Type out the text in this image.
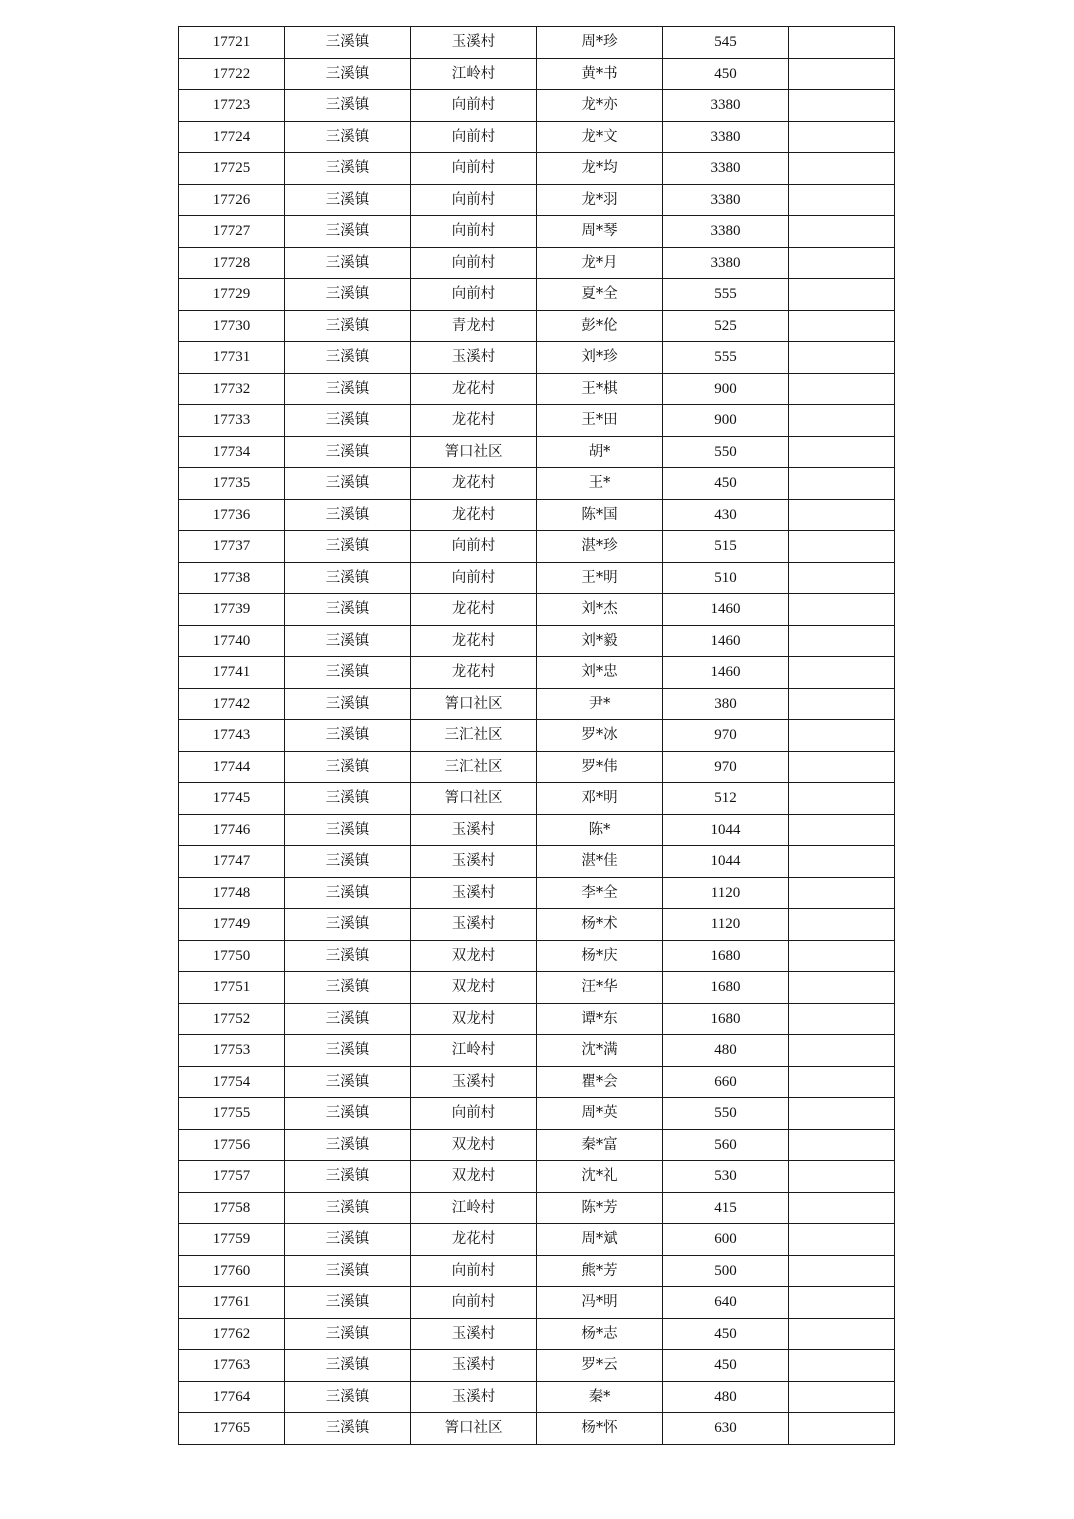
17721	三溪镇	玉溪村	周*珍	545	
17722	三溪镇	江岭村	黄*书	450	
17723	三溪镇	向前村	龙*亦	3380	
17724	三溪镇	向前村	龙*文	3380	
17725	三溪镇	向前村	龙*均	3380	
17726	三溪镇	向前村	龙*羽	3380	
17727	三溪镇	向前村	周*琴	3380	
17728	三溪镇	向前村	龙*月	3380	
17729	三溪镇	向前村	夏*全	555	
17730	三溪镇	青龙村	彭*伦	525	
17731	三溪镇	玉溪村	刘*珍	555	
17732	三溪镇	龙花村	王*棋	900	
17733	三溪镇	龙花村	王*田	900	
17734	三溪镇	箐口社区	胡*	550	
17735	三溪镇	龙花村	王*	450	
17736	三溪镇	龙花村	陈*国	430	
17737	三溪镇	向前村	湛*珍	515	
17738	三溪镇	向前村	王*明	510	
17739	三溪镇	龙花村	刘*杰	1460	
17740	三溪镇	龙花村	刘*毅	1460	
17741	三溪镇	龙花村	刘*忠	1460	
17742	三溪镇	箐口社区	尹*	380	
17743	三溪镇	三汇社区	罗*冰	970	
17744	三溪镇	三汇社区	罗*伟	970	
17745	三溪镇	箐口社区	邓*明	512	
17746	三溪镇	玉溪村	陈*	1044	
17747	三溪镇	玉溪村	湛*佳	1044	
17748	三溪镇	玉溪村	李*全	1120	
17749	三溪镇	玉溪村	杨*术	1120	
17750	三溪镇	双龙村	杨*庆	1680	
17751	三溪镇	双龙村	汪*华	1680	
17752	三溪镇	双龙村	谭*东	1680	
17753	三溪镇	江岭村	沈*满	480	
17754	三溪镇	玉溪村	瞿*会	660	
17755	三溪镇	向前村	周*英	550	
17756	三溪镇	双龙村	秦*富	560	
17757	三溪镇	双龙村	沈*礼	530	
17758	三溪镇	江岭村	陈*芳	415	
17759	三溪镇	龙花村	周*斌	600	
17760	三溪镇	向前村	熊*芳	500	
17761	三溪镇	向前村	冯*明	640	
17762	三溪镇	玉溪村	杨*志	450	
17763	三溪镇	玉溪村	罗*云	450	
17764	三溪镇	玉溪村	秦*	480	
17765	三溪镇	箐口社区	杨*怀	630	
